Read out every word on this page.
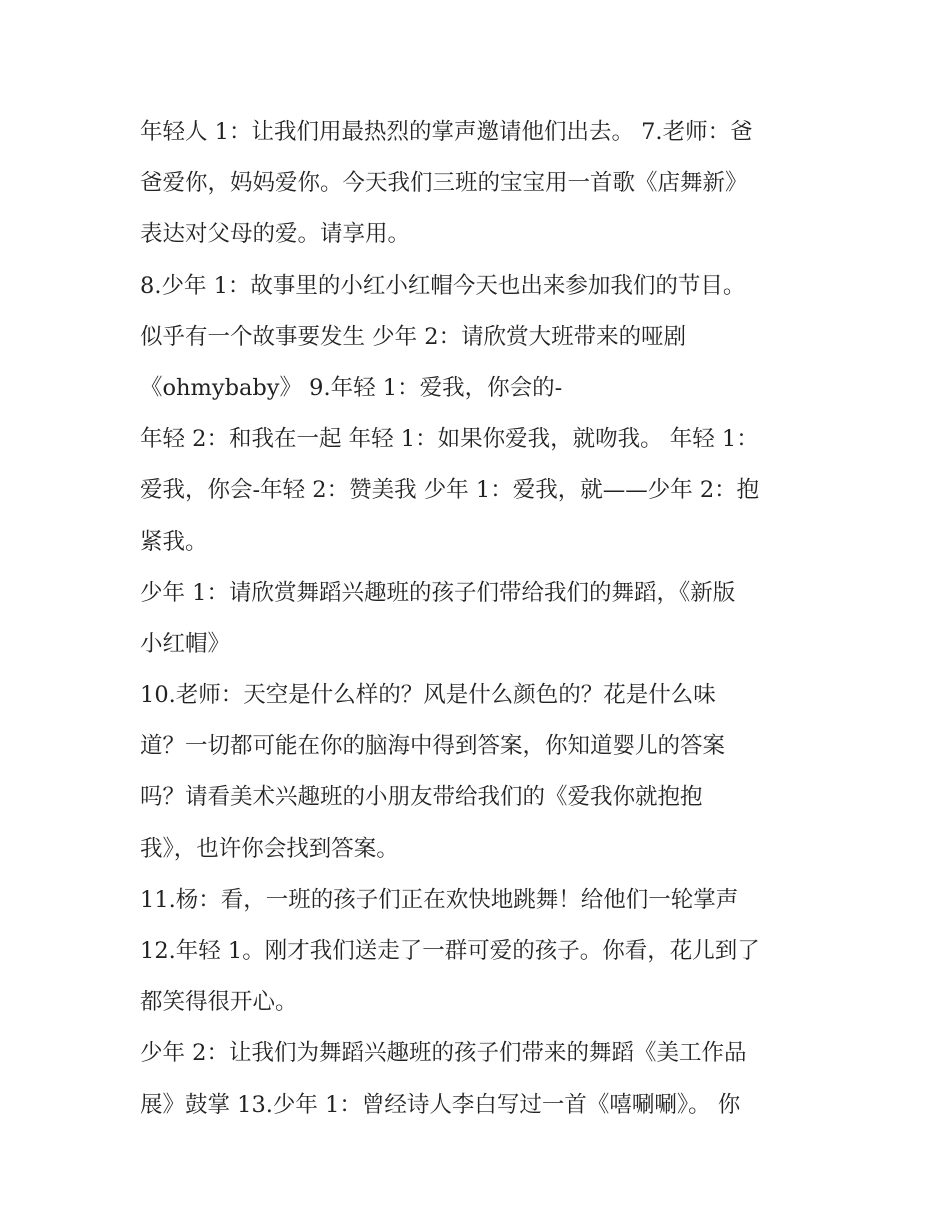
年轻人 1：让我们用最热烈的掌声邀请他们出去。 7.老师：爸
爸爱你，妈妈爱你。今天我们三班的宝宝用一首歌《店舞新》
表达对父母的爱。请享用。
8.少年 1：故事里的小红小红帽今天也出来参加我们的节目。
似乎有一个故事要发生 少年 2：请欣赏大班带来的哑剧
《ohmybaby》 9.年轻 1：爱我，你会的-
年轻 2：和我在一起 年轻 1：如果你爱我，就吻我。 年轻 1：
爱我，你会-年轻 2：赞美我 少年 1：爱我，就——少年 2：抱
紧我。
少年 1：请欣赏舞蹈兴趣班的孩子们带给我们的舞蹈，《新版
小红帽》
10.老师：天空是什么样的？风是什么颜色的？花是什么味
道？一切都可能在你的脑海中得到答案，你知道婴儿的答案
吗？请看美术兴趣班的小朋友带给我们的《爱我你就抱抱
我》，也许你会找到答案。
11.杨：看，一班的孩子们正在欢快地跳舞！给他们一轮掌声
12.年轻 1。刚才我们送走了一群可爱的孩子。你看，花儿到了
都笑得很开心。
少年 2：让我们为舞蹈兴趣班的孩子们带来的舞蹈《美工作品
展》鼓掌 13.少年 1：曾经诗人李白写过一首《嘻唰唰》。 你
